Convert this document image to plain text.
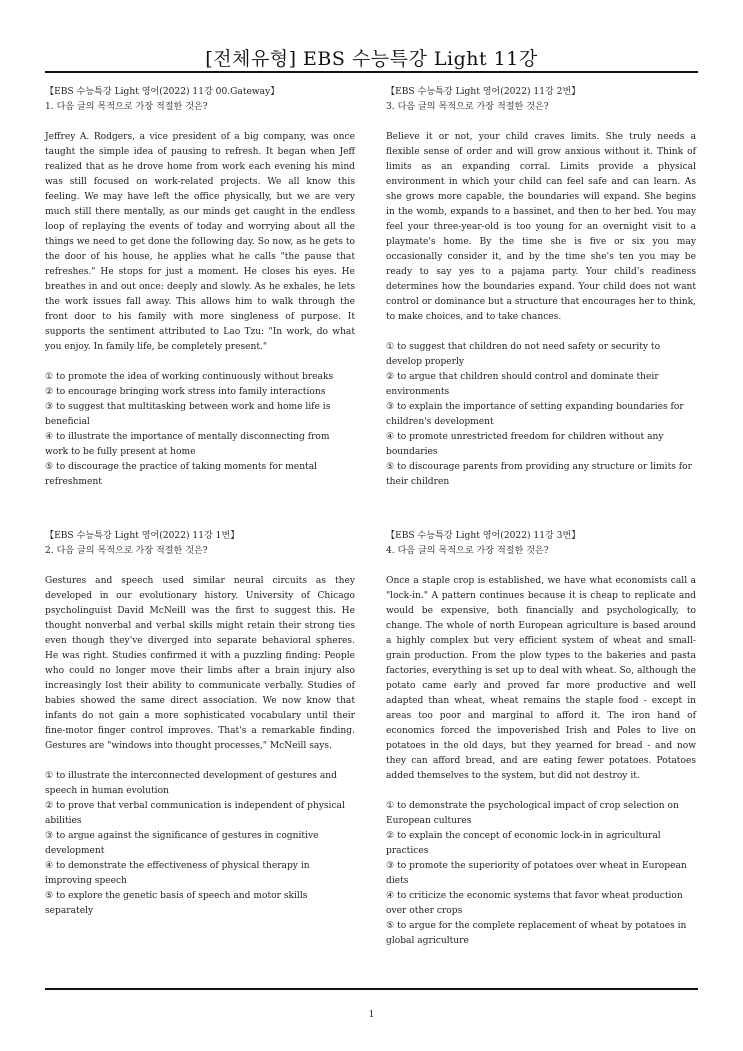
[전체유형] EBS 수능특강 Light 11강

【EBS 수능특강 Light 영어(2022) 11강 00.Gateway】

1. 다음 글의 목적으로 가장 적절한 것은?

Jeffrey A. Rodgers, a vice president of a big company, was once taught the simple idea of pausing to refresh. It began when Jeff realized that as he drove home from work each evening his mind was still focused on work-related projects. We all know this feeling. We may have left the office physically, but we are very much still there mentally, as our minds get caught in the endless loop of replaying the events of today and worrying about all the things we need to get done the following day. So now, as he gets to the door of his house, he applies what he calls "the pause that refreshes." He stops for just a moment. He closes his eyes. He breathes in and out once: deeply and slowly. As he exhales, he lets the work issues fall away. This allows him to walk through the front door to his family with more singleness of purpose. It supports the sentiment attributed to Lao Tzu: "In work, do what you enjoy. In family life, be completely present."

① to promote the idea of working continuously without breaks
② to encourage bringing work stress into family interactions
③ to suggest that multitasking between work and home life is beneficial
④ to illustrate the importance of mentally disconnecting from work to be fully present at home
⑤ to discourage the practice of taking moments for mental refreshment

【EBS 수능특강 Light 영어(2022) 11강 2번】

3. 다음 글의 목적으로 가장 적절한 것은?

Believe it or not, your child craves limits. She truly needs a flexible sense of order and will grow anxious without it. Think of limits as an expanding corral. Limits provide a physical environment in which your child can feel safe and can learn. As she grows more capable, the boundaries will expand. She begins in the womb, expands to a bassinet, and then to her bed. You may feel your three-year-old is too young for an overnight visit to a playmate's home. By the time she is five or six you may occasionally consider it, and by the time she's ten you may be ready to say yes to a pajama party. Your child's readiness determines how the boundaries expand. Your child does not want control or dominance but a structure that encourages her to think, to make choices, and to take chances.

① to suggest that children do not need safety or security to develop properly
② to argue that children should control and dominate their environments
③ to explain the importance of setting expanding boundaries for children's development
④ to promote unrestricted freedom for children without any boundaries
⑤ to discourage parents from providing any structure or limits for their children

【EBS 수능특강 Light 영어(2022) 11강 1번】

2. 다음 글의 목적으로 가장 적절한 것은?

Gestures and speech used similar neural circuits as they developed in our evolutionary history. University of Chicago psycholinguist David McNeill was the first to suggest this. He thought nonverbal and verbal skills might retain their strong ties even though they've diverged into separate behavioral spheres. He was right. Studies confirmed it with a puzzling finding: People who could no longer move their limbs after a brain injury also increasingly lost their ability to communicate verbally. Studies of babies showed the same direct association. We now know that infants do not gain a more sophisticated vocabulary until their fine-motor finger control improves. That's a remarkable finding. Gestures are "windows into thought processes," McNeill says.

① to illustrate the interconnected development of gestures and speech in human evolution
② to prove that verbal communication is independent of physical abilities
③ to argue against the significance of gestures in cognitive development
④ to demonstrate the effectiveness of physical therapy in improving speech
⑤ to explore the genetic basis of speech and motor skills separately

【EBS 수능특강 Light 영어(2022) 11강 3번】

4. 다음 글의 목적으로 가장 적절한 것은?

Once a staple crop is established, we have what economists call a "lock-in." A pattern continues because it is cheap to replicate and would be expensive, both financially and psychologically, to change. The whole of north European agriculture is based around a highly complex but very efficient system of wheat and small-grain production. From the plow types to the bakeries and pasta factories, everything is set up to deal with wheat. So, although the potato came early and proved far more productive and well adapted than wheat, wheat remains the staple food - except in areas too poor and marginal to afford it. The iron hand of economics forced the impoverished Irish and Poles to live on potatoes in the old days, but they yearned for bread - and now they can afford bread, and are eating fewer potatoes. Potatoes added themselves to the system, but did not destroy it.

① to demonstrate the psychological impact of crop selection on European cultures
② to explain the concept of economic lock-in in agricultural practices
③ to promote the superiority of potatoes over wheat in European diets
④ to criticize the economic systems that favor wheat production over other crops
⑤ to argue for the complete replacement of wheat by potatoes in global agriculture
1
